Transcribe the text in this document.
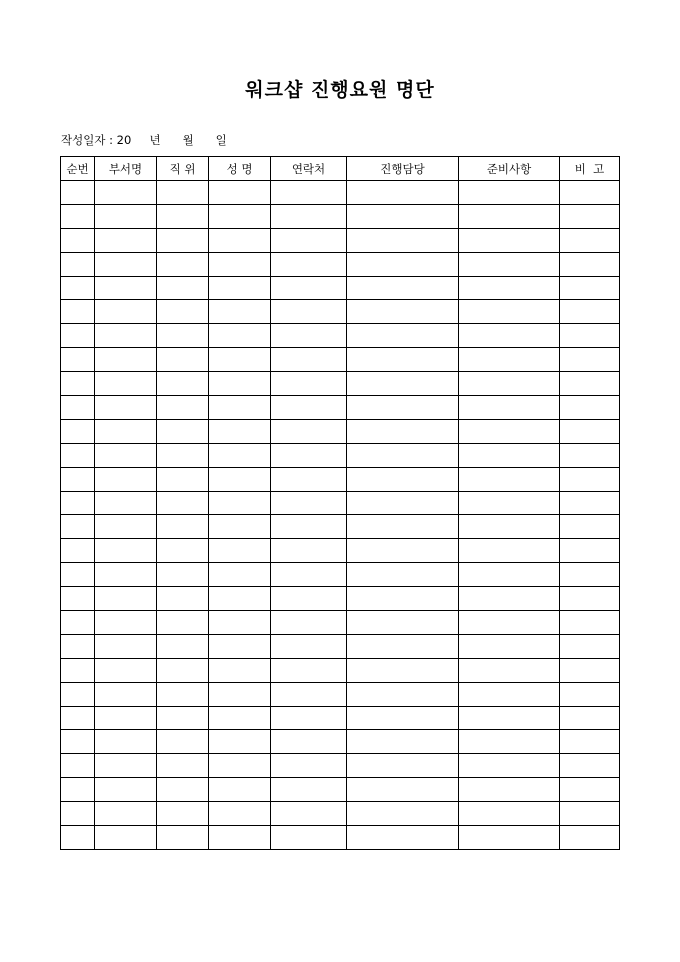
워크샵 진행요원 명단
작성일자 : 20 년 월 일
순번	부서명	직 위	성 명	연락처	진행담당	준비사항	비  고
